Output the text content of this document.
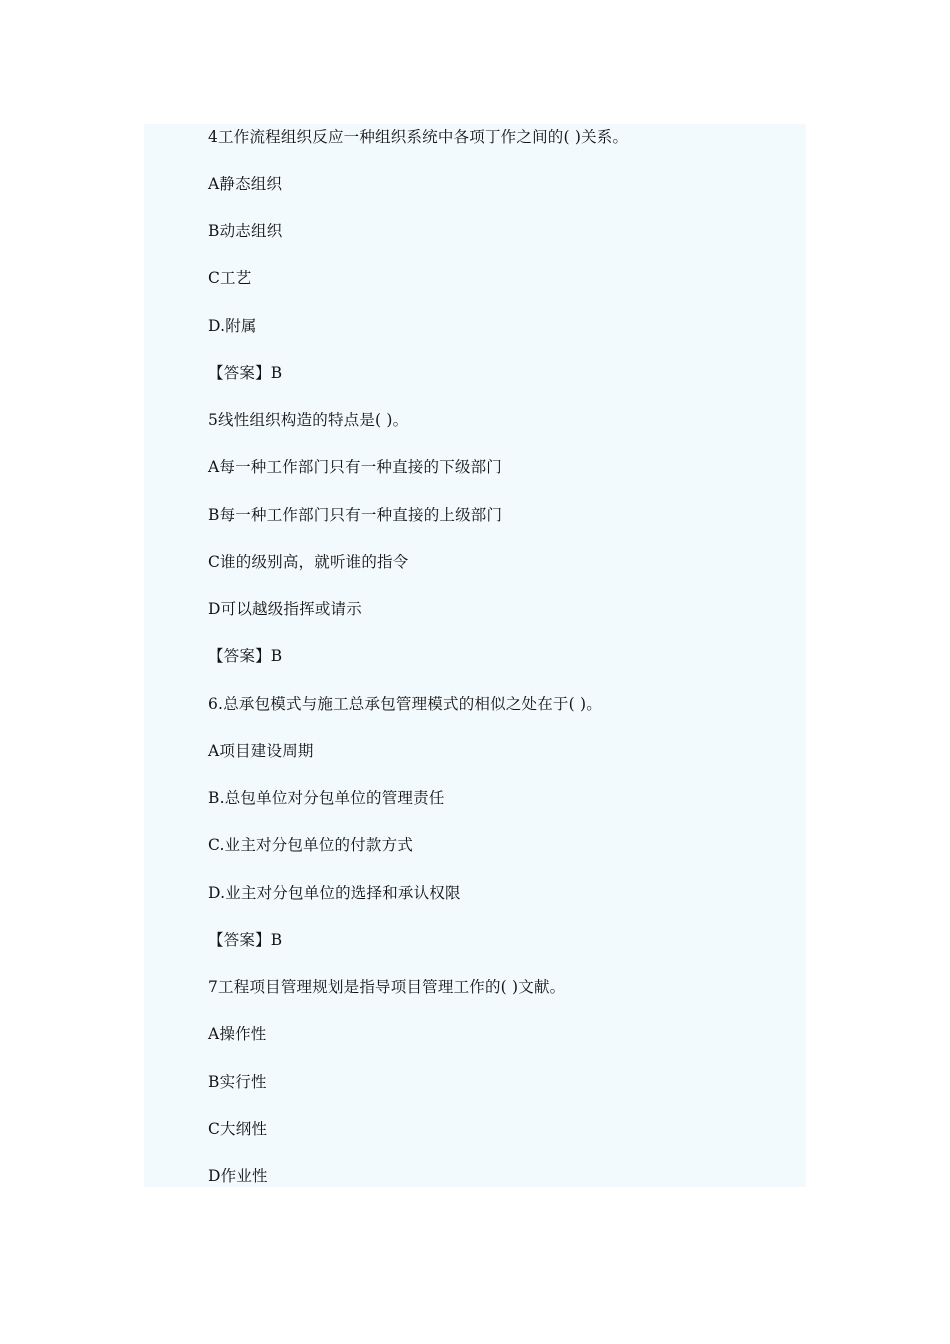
4工作流程组织反应一种组织系统中各项丁作之间的( )关系。

A静态组织

B动志组织

C工艺

D.附属

【答案】B

5线性组织构造的特点是( )。

A每一种工作部门只有一种直接的下级部门

B每一种工作部门只有一种直接的上级部门

C谁的级别高，就听谁的指令

D可以越级指挥或请示

【答案】B

6.总承包模式与施工总承包管理模式的相似之处在于( )。

A项目建设周期

B.总包单位对分包单位的管理责任

C.业主对分包单位的付款方式

D.业主对分包单位的选择和承认权限

【答案】B

7工程项目管理规划是指导项目管理工作的( )文献。

A操作性

B实行性

C大纲性

D作业性
